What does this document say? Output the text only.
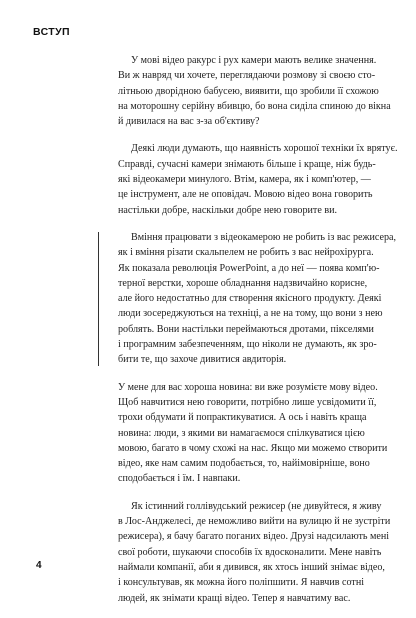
ВСТУП
У мові відео ракурс і рух камери мають велике значення.
Ви ж навряд чи хочете, переглядаючи розмову зі своєю сто-
літньою дворідною бабусею, виявити, що зробили її схожою
на моторошну серійну вбивцю, бо вона сиділа спиною до вікна
й дивилася на вас з-за об'єктиву?
Деякі люди думають, що наявність хорошої техніки їх врятує.
Справді, сучасні камери знімають більше і краще, ніж будь-
які відеокамери минулого. Втім, камера, як і комп'ютер, —
це інструмент, але не оповідач. Мовою відео вона говорить
настільки добре, наскільки добре нею говорите ви.
Вміння працювати з відеокамерою не робить із вас режисера,
як і вміння різати скальпелем не робить з вас нейрохірурга.
Як показала революція PowerPoint, а до неї — поява комп'ю-
терної верстки, хороше обладнання надзвичайно корисне,
але його недостатньо для створення якісного продукту. Деякі
люди зосереджуються на техніці, а не на тому, що вони з нею
роблять. Вони настільки переймаються дротами, пікселями
і програмним забезпеченням, що ніколи не думають, як зро-
бити те, що захоче дивитися авдиторія.
У мене для вас хороша новина: ви вже розумієте мову відео.
Щоб навчитися нею говорити, потрібно лише усвідомити її,
трохи обдумати й попрактикуватися. А ось і навіть краща
новина: люди, з якими ви намагаємося спілкуватися цією
мовою, багато в чому схожі на нас. Якщо ми можемо створити
відео, яке нам самим подобається, то, найімовірніше, воно
сподобається і їм. І навпаки.
Як істинний голлівудський режисер (не дивуйтеся, я живу
в Лос-Анджелесі, де неможливо вийти на вулицю й не зустріти
режисера), я бачу багато поганих відео. Друзі надсилають мені
свої роботи, шукаючи способів їх вдосконалити. Мене навіть
наймали компанії, аби я дивився, як хтось інший знімає відео,
і консультував, як можна його поліпшити. Я навчив сотні
людей, як знімати кращі відео. Тепер я навчатиму вас.
4
